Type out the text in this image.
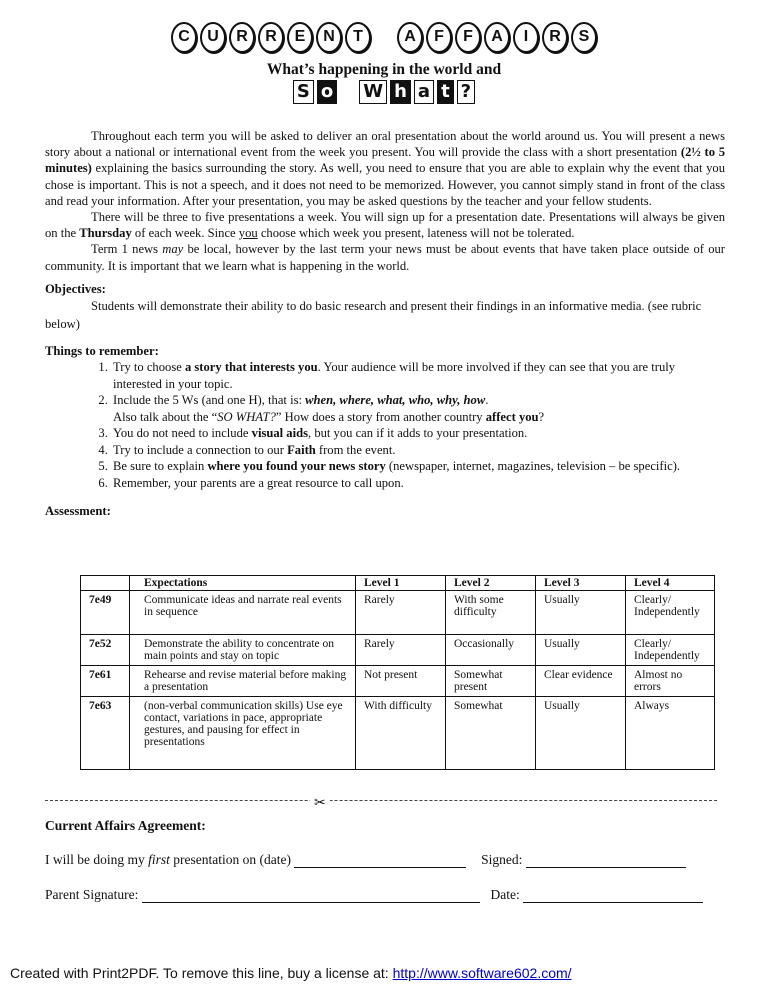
C	U	R	R	E	N	T	A	F	F	A	I	R	S
What’s happening in the world and
S o W h a t ?

Throughout each term you will be asked to deliver an oral presentation about the world around us. You will present a news story about a national or international event from the week you present. You will provide the class with a short presentation (2½ to 5 minutes) explaining the basics surrounding the story. As well, you need to ensure that you are able to explain why the event that you chose is important. This is not a speech, and it does not need to be memorized. However, you cannot simply stand in front of the class and read your information. After your presentation, you may be asked questions by the teacher and your fellow students.

There will be three to five presentations a week. You will sign up for a presentation date. Presentations will always be given on the Thursday of each week. Since you choose which week you present, lateness will not be tolerated.

Term 1 news may be local, however by the last term your news must be about events that have taken place outside of our community. It is important that we learn what is happening in the world.

Objectives:
Students will demonstrate their ability to do basic research and present their findings in an informative media. (see rubric below)
Things to remember:
1. Try to choose a story that interests you. Your audience will be more involved if they can see that you are truly interested in your topic.
2. Include the 5 Ws (and one H), that is: when, where, what, who, why, how.
Also talk about the “SO WHAT?” How does a story from another country affect you?
3. You do not need to include visual aids, but you can if it adds to your presentation.
4. Try to include a connection to our Faith from the event.
5. Be sure to explain where you found your news story (newspaper, internet, magazines, television – be specific).
6. Remember, your parents are a great resource to call upon.
Assessment:
	Expectations	Level 1	Level 2	Level 3	Level 4
7e49	Communicate ideas and narrate real events in sequence	Rarely	With some difficulty	Usually	Clearly/ Independently
7e52	Demonstrate the ability to concentrate on main points and stay on topic	Rarely	Occasionally	Usually	Clearly/ Independently
7e61	Rehearse and revise material before making a presentation	Not present	Somewhat present	Clear evidence	Almost no errors
7e63	(non-verbal communication skills) Use eye contact, variations in pace, appropriate gestures, and pausing for effect in presentations	With difficulty	Somewhat	Usually	Always
✂
Current Affairs Agreement:
I will be doing my first presentation on (date)	Signed:
Parent Signature:	Date:
Created with Print2PDF. To remove this line, buy a license at: http://www.software602.com/
